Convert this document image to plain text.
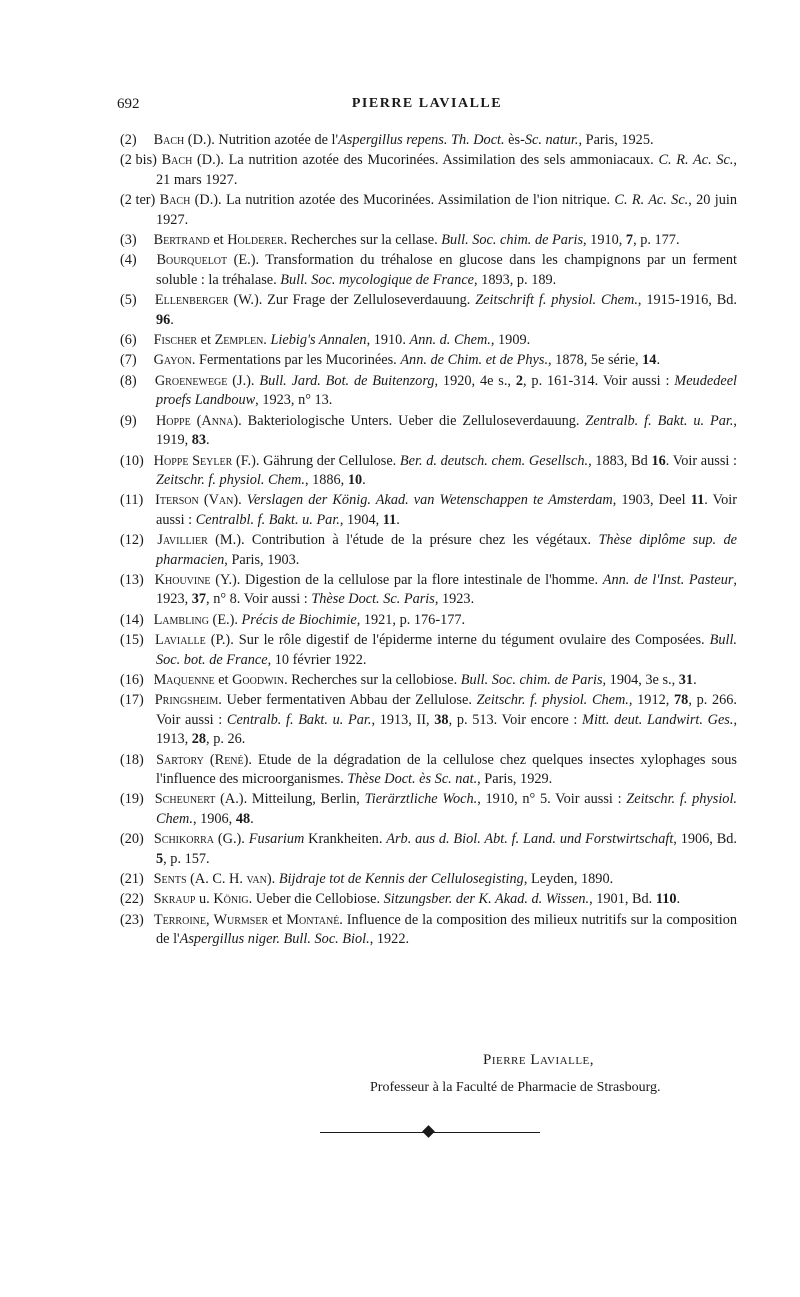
692	PIERRE LAVIALLE

(2) Bach (D.). Nutrition azotée de l'Aspergillus repens. Th. Doct. ès-Sc. natur., Paris, 1925.

(2 bis) Bach (D.). La nutrition azotée des Mucorinées. Assimilation des sels ammoniacaux. C. R. Ac. Sc., 21 mars 1927.

(2 ter) Bach (D.). La nutrition azotée des Mucorinées. Assimilation de l'ion nitrique. C. R. Ac. Sc., 20 juin 1927.

(3) Bertrand et Holderer. Recherches sur la cellase. Bull. Soc. chim. de Paris, 1910, 7, p. 177.

(4) Bourquelot (E.). Transformation du tréhalose en glucose dans les champignons par un ferment soluble : la tréhalase. Bull. Soc. mycologique de France, 1893, p. 189.

(5) Ellenberger (W.). Zur Frage der Zelluloseverdauung. Zeitschrift f. physiol. Chem., 1915-1916, Bd. 96.

(6) Fischer et Zemplen. Liebig's Annalen, 1910. Ann. d. Chem., 1909.

(7) Gayon. Fermentations par les Mucorinées. Ann. de Chim. et de Phys., 1878, 5e série, 14.

(8) Groenewege (J.). Bull. Jard. Bot. de Buitenzorg, 1920, 4e s., 2, p. 161-314. Voir aussi : Meudedeel proefs Landbouw, 1923, n° 13.

(9) Hoppe (Anna). Bakteriologische Unters. Ueber die Zelluloseverdauung. Zentralb. f. Bakt. u. Par., 1919, 83.

(10) Hoppe Seyler (F.). Gährung der Cellulose. Ber. d. deutsch. chem. Gesellsch., 1883, Bd 16. Voir aussi : Zeitschr. f. physiol. Chem., 1886, 10.

(11) Iterson (Van). Verslagen der König. Akad. van Wetenschappen te Amsterdam, 1903, Deel 11. Voir aussi : Centralbl. f. Bakt. u. Par., 1904, 11.

(12) Javillier (M.). Contribution à l'étude de la présure chez les végétaux. Thèse diplôme sup. de pharmacien, Paris, 1903.

(13) Khouvine (Y.). Digestion de la cellulose par la flore intestinale de l'homme. Ann. de l'Inst. Pasteur, 1923, 37, n° 8. Voir aussi : Thèse Doct. Sc. Paris, 1923.

(14) Lambling (E.). Précis de Biochimie, 1921, p. 176-177.

(15) Lavialle (P.). Sur le rôle digestif de l'épiderme interne du tégument ovulaire des Composées. Bull. Soc. bot. de France, 10 février 1922.

(16) Maquenne et Goodwin. Recherches sur la cellobiose. Bull. Soc. chim. de Paris, 1904, 3e s., 31.

(17) Pringsheim. Ueber fermentativen Abbau der Zellulose. Zeitschr. f. physiol. Chem., 1912, 78, p. 266. Voir aussi : Centralb. f. Bakt. u. Par., 1913, II, 38, p. 513. Voir encore : Mitt. deut. Landwirt. Ges., 1913, 28, p. 26.

(18) Sartory (René). Etude de la dégradation de la cellulose chez quelques insectes xylophages sous l'influence des microorganismes. Thèse Doct. ès Sc. nat., Paris, 1929.

(19) Scheunert (A.). Mitteilung, Berlin, Tierärztliche Woch., 1910, n° 5. Voir aussi : Zeitschr. f. physiol. Chem., 1906, 48.

(20) Schikorra (G.). Fusarium Krankheiten. Arb. aus d. Biol. Abt. f. Land. und Forstwirtschaft, 1906, Bd. 5, p. 157.

(21) Sents (A. C. H. van). Bijdraje tot de Kennis der Cellulosegisting, Leyden, 1890.

(22) Skraup u. König. Ueber die Cellobiose. Sitzungsber. der K. Akad. d. Wissen., 1901, Bd. 110.

(23) Terroine, Wurmser et Montané. Influence de la composition des milieux nutritifs sur la composition de l'Aspergillus niger. Bull. Soc. Biol., 1922.

Pierre Lavialle,
Professeur à la Faculté de Pharmacie de Strasbourg.
